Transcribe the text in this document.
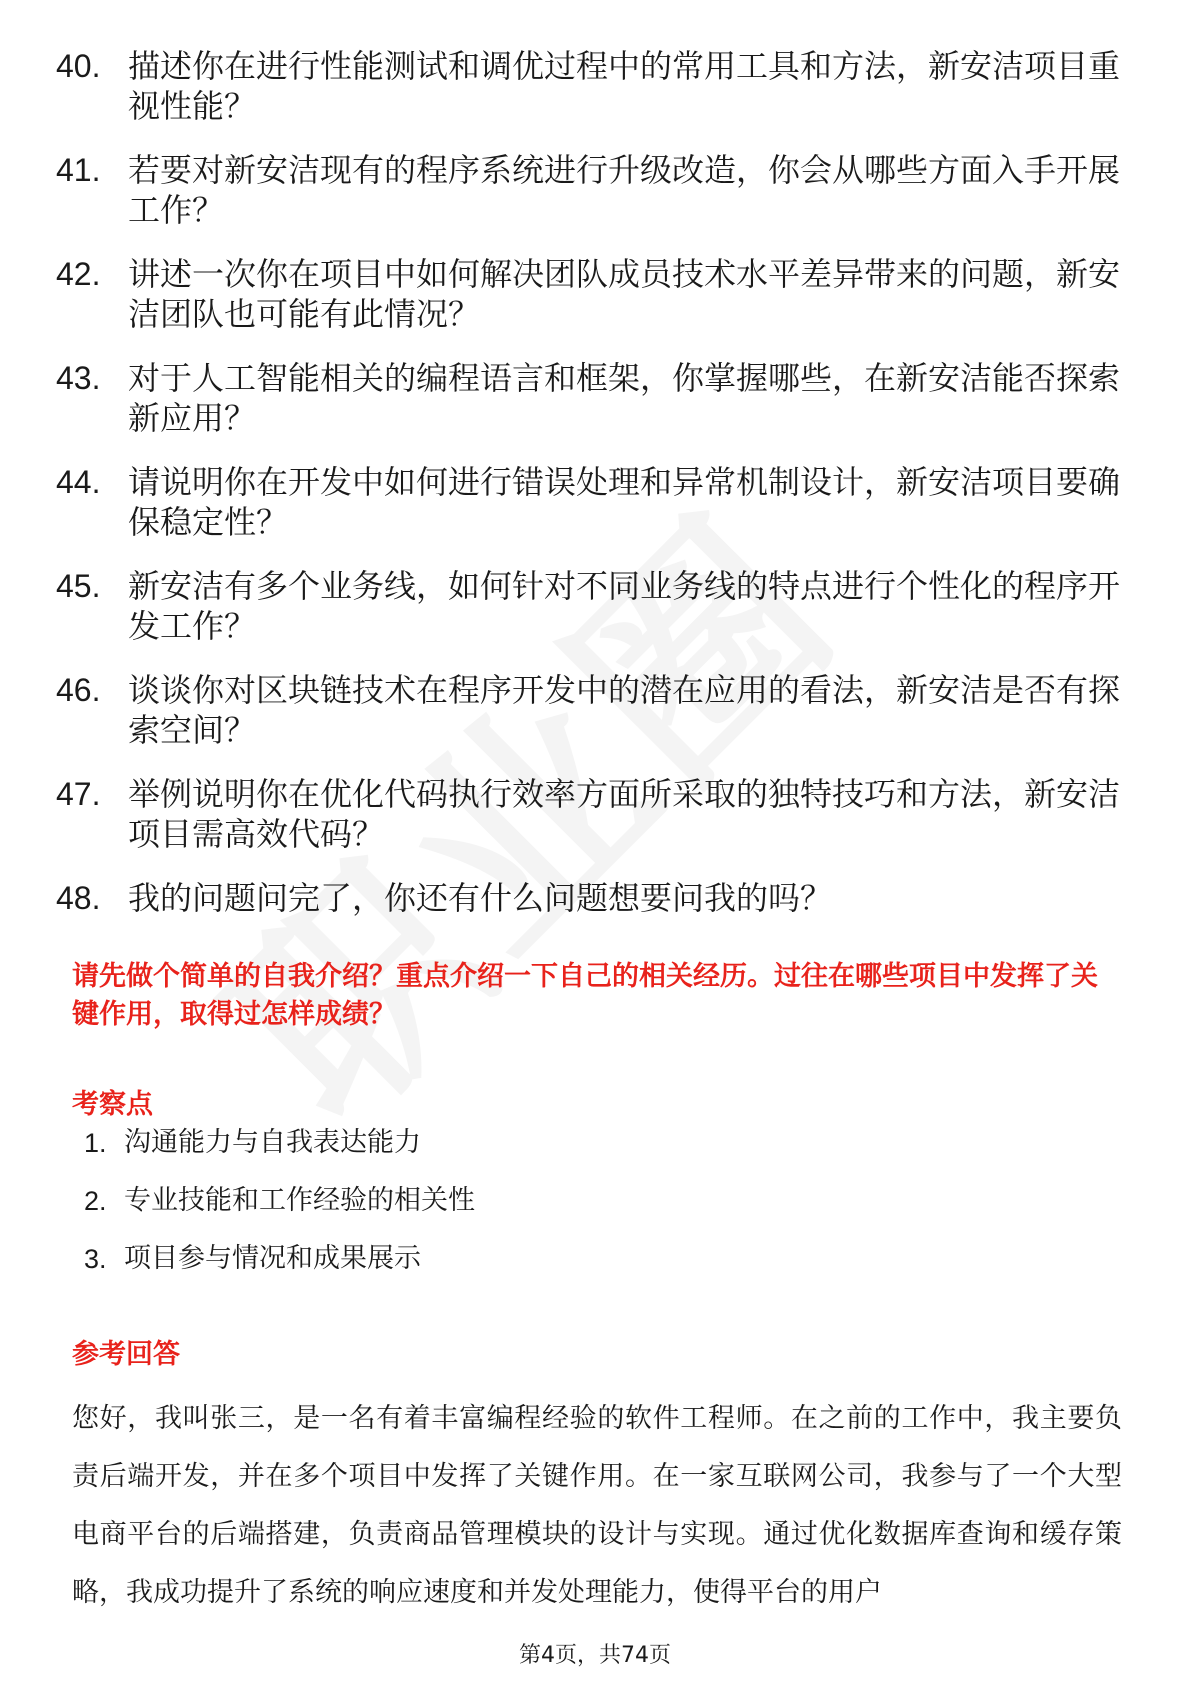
40. 描述你在进行性能测试和调优过程中的常用工具和方法，新安洁项目重视性能？
41. 若要对新安洁现有的程序系统进行升级改造，你会从哪些方面入手开展工作？
42. 讲述一次你在项目中如何解决团队成员技术水平差异带来的问题，新安洁团队也可能有此情况？
43. 对于人工智能相关的编程语言和框架，你掌握哪些，在新安洁能否探索新应用？
44. 请说明你在开发中如何进行错误处理和异常机制设计，新安洁项目要确保稳定性？
45. 新安洁有多个业务线，如何针对不同业务线的特点进行个性化的程序开发工作？
46. 谈谈你对区块链技术在程序开发中的潜在应用的看法，新安洁是否有探索空间？
47. 举例说明你在优化代码执行效率方面所采取的独特技巧和方法，新安洁项目需高效代码？
48. 我的问题问完了，你还有什么问题想要问我的吗？
请先做个简单的自我介绍？重点介绍一下自己的相关经历。过往在哪些项目中发挥了关键作用，取得过怎样成绩？
考察点
1. 沟通能力与自我表达能力
2. 专业技能和工作经验的相关性
3. 项目参与情况和成果展示
参考回答
您好，我叫张三，是一名有着丰富编程经验的软件工程师。在之前的工作中，我主要负责后端开发，并在多个项目中发挥了关键作用。在一家互联网公司，我参与了一个大型电商平台的后端搭建，负责商品管理模块的设计与实现。通过优化数据库查询和缓存策略，我成功提升了系统的响应速度和并发处理能力，使得平台的用户
第4页，共74页
